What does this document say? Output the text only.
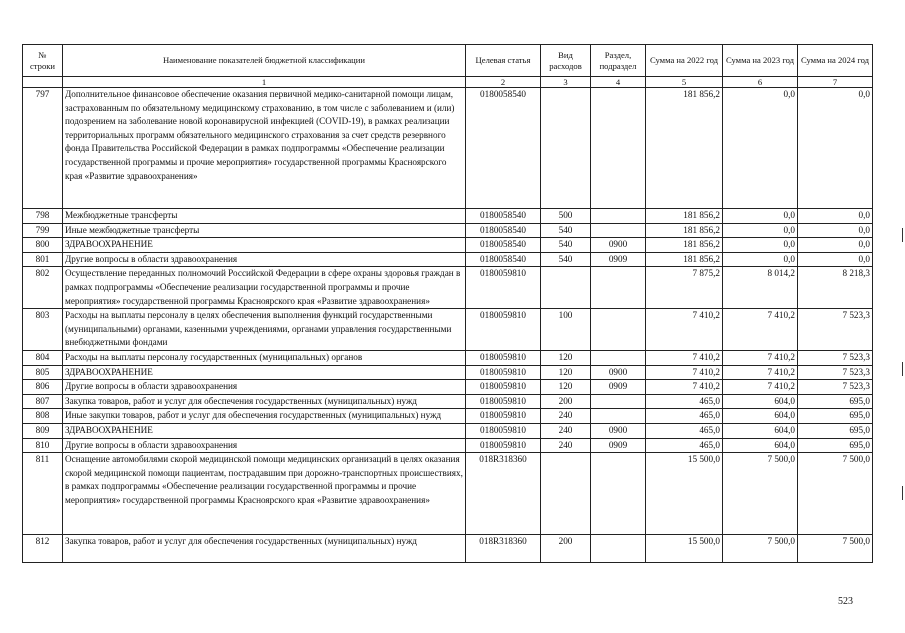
№ строки	Наименование показателей бюджетной классификации	Целевая статья	Вид расходов	Раздел, подраздел	Сумма на 2022 год	Сумма на 2023 год	Сумма на 2024 год
	1	2	3	4	5	6	7
797	Дополнительное финансовое обеспечение оказания первичной медико-санитарной помощи лицам, застрахованным по обязательному медицинскому страхованию, в том числе с заболеванием и (или) подозрением на заболевание новой коронавирусной инфекцией (COVID-19), в рамках реализации территориальных программ обязательного медицинского страхования за счет средств резервного фонда Правительства Российской Федерации в рамках подпрограммы «Обеспечение реализации государственной программы и прочие мероприятия» государственной программы Красноярского края «Развитие здравоохранения»	0180058540			181 856,2	0,0	0,0
798	Межбюджетные трансферты	0180058540	500		181 856,2	0,0	0,0
799	Иные межбюджетные трансферты	0180058540	540		181 856,2	0,0	0,0
800	ЗДРАВООХРАНЕНИЕ	0180058540	540	0900	181 856,2	0,0	0,0
801	Другие вопросы в области здравоохранения	0180058540	540	0909	181 856,2	0,0	0,0
802	Осуществление переданных полномочий Российской Федерации в сфере охраны здоровья граждан в рамках подпрограммы «Обеспечение реализации государственной программы и прочие мероприятия» государственной программы Красноярского края «Развитие здравоохранения»	0180059810			7 875,2	8 014,2	8 218,3
803	Расходы на выплаты персоналу в целях обеспечения выполнения функций государственными (муниципальными) органами, казенными учреждениями, органами управления государственными внебюджетными фондами	0180059810	100		7 410,2	7 410,2	7 523,3
804	Расходы на выплаты персоналу государственных (муниципальных) органов	0180059810	120		7 410,2	7 410,2	7 523,3
805	ЗДРАВООХРАНЕНИЕ	0180059810	120	0900	7 410,2	7 410,2	7 523,3
806	Другие вопросы в области здравоохранения	0180059810	120	0909	7 410,2	7 410,2	7 523,3
807	Закупка товаров, работ и услуг для обеспечения государственных (муниципальных) нужд	0180059810	200		465,0	604,0	695,0
808	Иные закупки товаров, работ и услуг для обеспечения государственных (муниципальных) нужд	0180059810	240		465,0	604,0	695,0
809	ЗДРАВООХРАНЕНИЕ	0180059810	240	0900	465,0	604,0	695,0
810	Другие вопросы в области здравоохранения	0180059810	240	0909	465,0	604,0	695,0
811	Оснащение автомобилями скорой медицинской помощи медицинских организаций в целях оказания скорой медицинской помощи пациентам, пострадавшим при дорожно-транспортных происшествиях, в рамках подпрограммы «Обеспечение реализации государственной программы и прочие мероприятия» государственной программы Красноярского края «Развитие здравоохранения»	018R318360			15 500,0	7 500,0	7 500,0
812	Закупка товаров, работ и услуг для обеспечения государственных (муниципальных) нужд	018R318360	200		15 500,0	7 500,0	7 500,0
523
